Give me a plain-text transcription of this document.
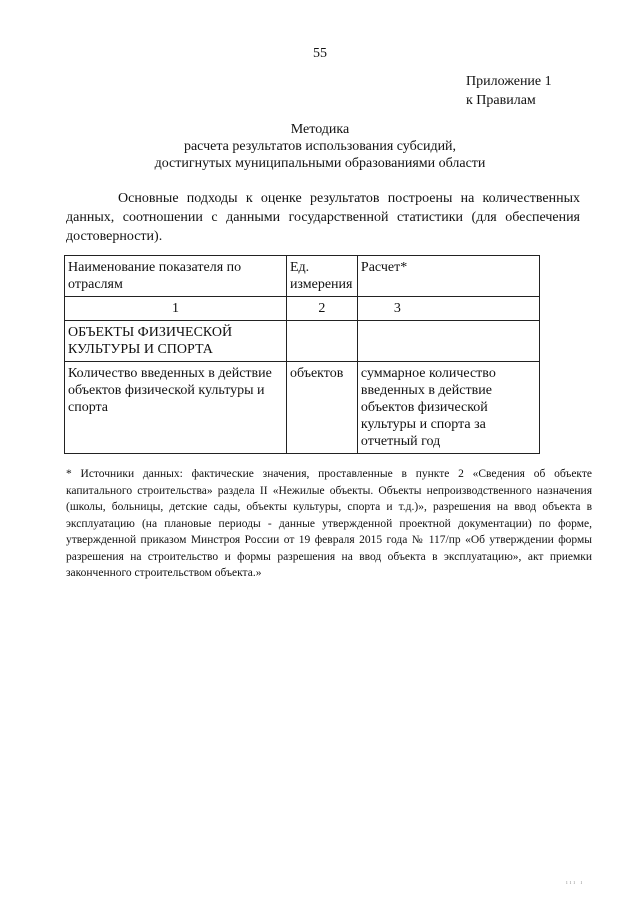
55
Приложение 1
к Правилам
Методика
расчета результатов использования субсидий,
достигнутых муниципальными образованиями области

Основные подходы к оценке результатов построены на количественных данных, соотношении с данными государственной статистики (для обеспечения достоверности).

Наименование показателя по отраслям	Ед. измерения	Расчет*
1	2	3
ОБЪЕКТЫ ФИЗИЧЕСКОЙ КУЛЬТУРЫ И СПОРТА		
Количество введенных в действие объектов физической культуры и спорта	объектов	суммарное количество введенных в действие объектов физической культуры и спорта за отчетный год

* Источники данных: фактические значения, проставленные в пункте 2 «Сведения об объекте капитального строительства» раздела II «Нежилые объекты. Объекты непроизводственного назначения (школы, больницы, детские сады, объекты культуры, спорта и т.д.)», разрешения на ввод объекта в эксплуатацию (на плановые периоды - данные утвержденной проектной документации) по форме, утвержденной приказом Минстроя России от 19 февраля 2015 года № 117/пр «Об утверждении формы разрешения на строительство и формы разрешения на ввод объекта в эксплуатацию», акт приемки законченного строительством объекта.»

ııı ı
